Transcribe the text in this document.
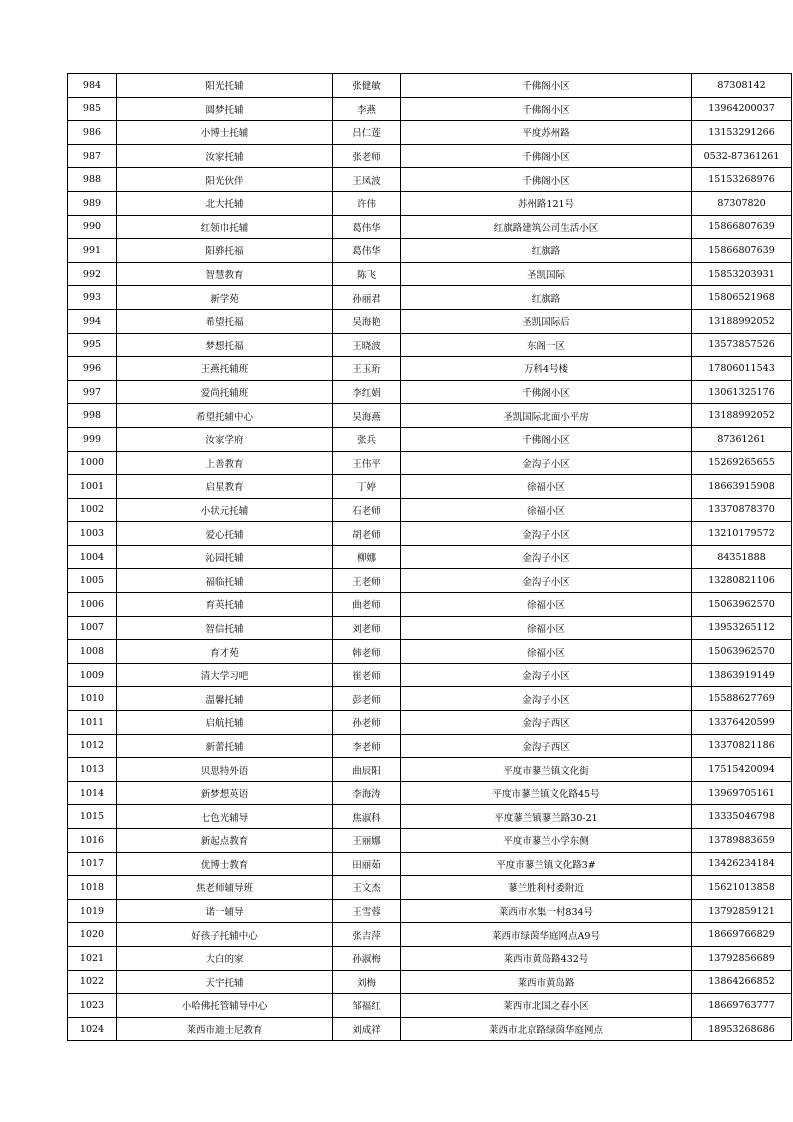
984	阳光托辅	张健敏	千佛阁小区	87308142
985	圆梦托辅	李燕	千佛阁小区	13964200037
986	小博士托辅	吕仁莲	平度苏州路	13153291266
987	汝家托辅	张老师	千佛阁小区	0532-87361261
988	阳光伙伴	王凤波	千佛阁小区	15153268976
989	北大托辅	许伟	苏州路121号	87307820
990	红领巾托辅	葛伟华	红旗路建筑公司生活小区	15866807639
991	阳骅托福	葛伟华	红旗路	15866807639
992	智慧教育	陈飞	圣凯国际	15853203931
993	新学苑	孙丽君	红旗路	15806521968
994	希望托福	吴海艳	圣凯国际后	13188992052
995	梦想托福	王晓波	东阁一区	13573857526
996	王燕托辅班	王玉珩	万科4号楼	17806011543
997	爱尚托辅班	李红娟	千佛阁小区	13061325176
998	希望托辅中心	吴海燕	圣凯国际北面小平房	13188992052
999	汝家学府	张兵	千佛阁小区	87361261
1000	上善教育	王伟平	金沟子小区	15269265655
1001	启星教育	丁婷	徐福小区	18663915908
1002	小状元托辅	石老师	徐福小区	13370878370
1003	爱心托辅	胡老师	金沟子小区	13210179572
1004	沁园托辅	柳娜	金沟子小区	84351888
1005	福临托辅	王老师	金沟子小区	13280821106
1006	育英托辅	曲老师	徐福小区	15063962570
1007	智信托辅	刘老师	徐福小区	13953265112
1008	育才苑	韩老师	徐福小区	15063962570
1009	清大学习吧	崔老师	金沟子小区	13863919149
1010	温馨托辅	彭老师	金沟子小区	15588627769
1011	启航托辅	孙老师	金沟子西区	13376420599
1012	新蕾托辅	李老师	金沟子西区	13370821186
1013	贝思特外语	曲辰阳	平度市蓼兰镇文化街	17515420094
1014	新梦想英语	李海涛	平度市蓼兰镇文化路45号	13969705161
1015	七色光辅导	焦淑科	平度蓼兰镇蓼兰路30-21	13335046798
1016	新起点教育	王丽娜	平度市蓼兰小学东侧	13789883659
1017	优博士教育	田丽茹	平度市蓼兰镇文化路3#	13426234184
1018	焦老师辅导班	王文杰	蓼兰胜利村委附近	15621013858
1019	诺一辅导	王雪蓉	莱西市水集一村834号	13792859121
1020	好孩子托辅中心	张吉萍	莱西市绿茵华庭网点A9号	18669766829
1021	大白的家	孙淑梅	莱西市黄岛路432号	13792856689
1022	天宇托辅	刘梅	莱西市黄岛路	13864266852
1023	小哈佛托管辅导中心	邹福红	莱西市北国之春小区	18669763777
1024	莱西市迪士尼教育	刘成祥	莱西市北京路绿茵华庭网点	18953268686
